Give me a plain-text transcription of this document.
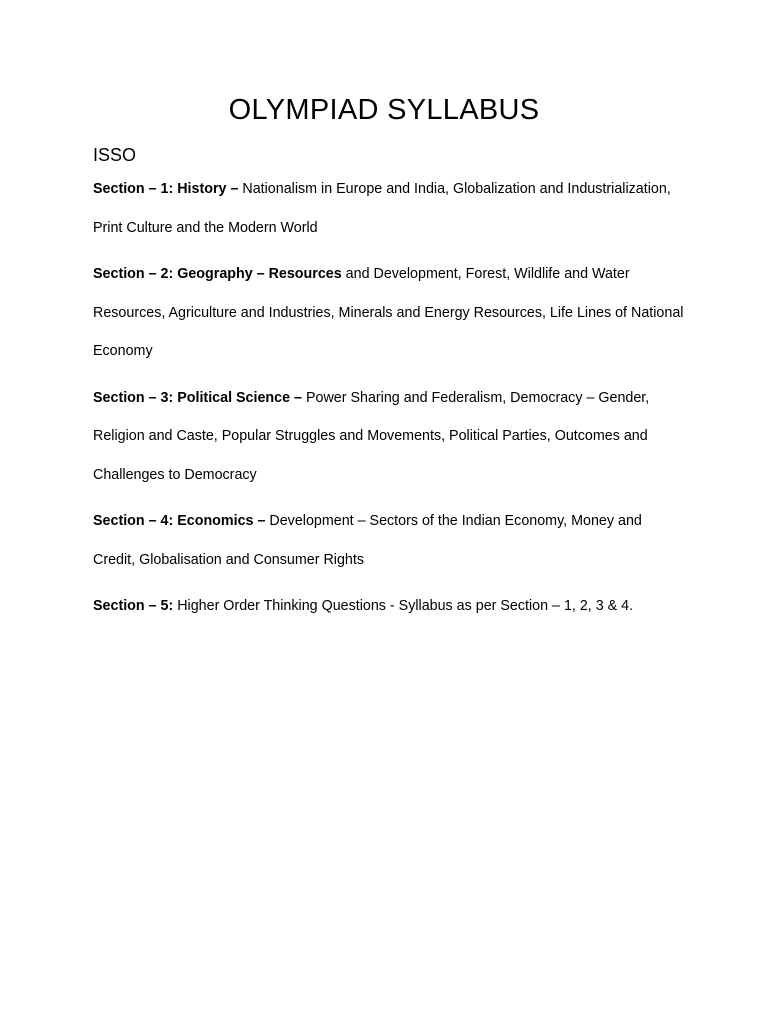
OLYMPIAD SYLLABUS
ISSO

Section – 1: History – Nationalism in Europe and India, Globalization and Industrialization, Print Culture and the Modern World

Section – 2: Geography – Resources and Development, Forest, Wildlife and Water Resources, Agriculture and Industries, Minerals and Energy Resources, Life Lines of National Economy

Section – 3: Political Science – Power Sharing and Federalism, Democracy – Gender, Religion and Caste, Popular Struggles and Movements, Political Parties, Outcomes and Challenges to Democracy

Section – 4: Economics – Development – Sectors of the Indian Economy, Money and Credit, Globalisation and Consumer Rights

Section – 5: Higher Order Thinking Questions - Syllabus as per Section – 1, 2, 3 & 4.
